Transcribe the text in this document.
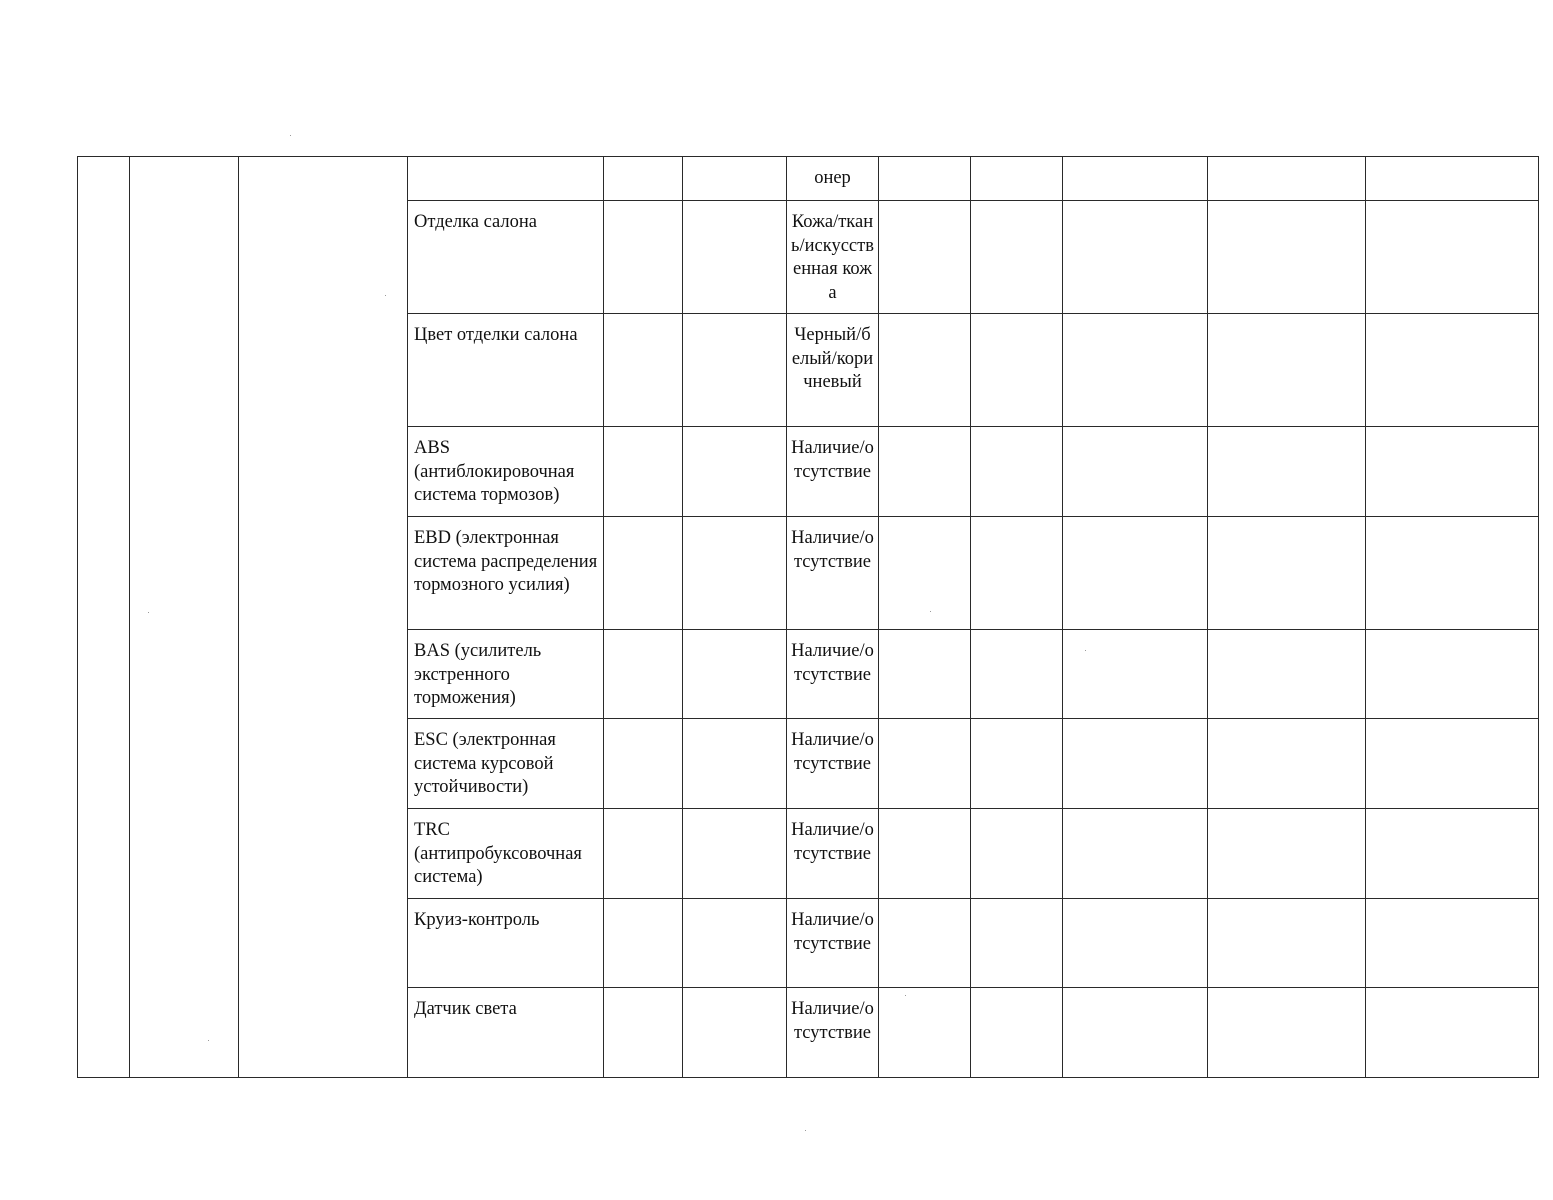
						онер					
			Отделка салона			Кожа/ткань/искусственная кожа					
			Цвет отделки салона			Черный/белый/коричневый					
			ABS (антиблокировочная система тормозов)			Наличие/отсутствие					
			EBD (электронная система распределения тормозного усилия)			Наличие/отсутствие					
			BAS (усилитель экстренного торможения)			Наличие/отсутствие					
			ESC (электронная система курсовой устойчивости)			Наличие/отсутствие					
			TRC (антипробуксовочная система)			Наличие/отсутствие					
			Круиз-контроль			Наличие/отсутствие					
			Датчик света			Наличие/отсутствие					
